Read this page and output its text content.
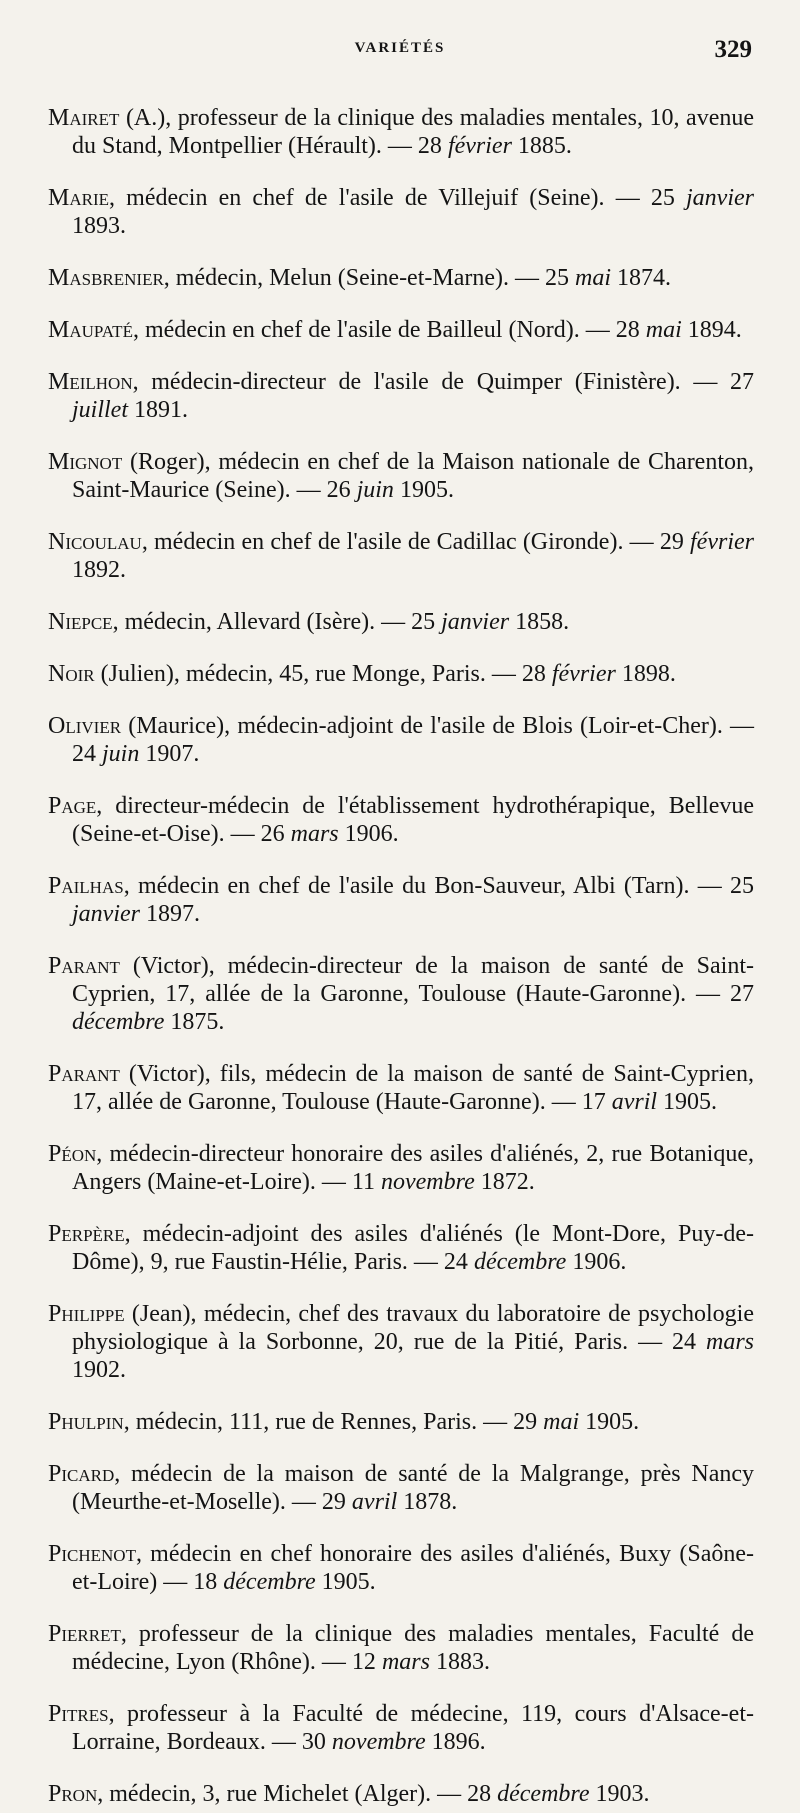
VARIÉTÉS	329

Mairet (A.), professeur de la clinique des maladies mentales, 10, avenue du Stand, Montpellier (Hérault). — 28 février 1885.

Marie, médecin en chef de l'asile de Villejuif (Seine). — 25 janvier 1893.

Masbrenier, médecin, Melun (Seine-et-Marne). — 25 mai 1874.

Maupaté, médecin en chef de l'asile de Bailleul (Nord). — 28 mai 1894.

Meilhon, médecin-directeur de l'asile de Quimper (Finistère). — 27 juillet 1891.

Mignot (Roger), médecin en chef de la Maison nationale de Charenton, Saint-Maurice (Seine). — 26 juin 1905.

Nicoulau, médecin en chef de l'asile de Cadillac (Gironde). — 29 février 1892.

Niepce, médecin, Allevard (Isère). — 25 janvier 1858.

Noir (Julien), médecin, 45, rue Monge, Paris. — 28 février 1898.

Olivier (Maurice), médecin-adjoint de l'asile de Blois (Loir-et-Cher). — 24 juin 1907.

Page, directeur-médecin de l'établissement hydrothérapique, Bellevue (Seine-et-Oise). — 26 mars 1906.

Pailhas, médecin en chef de l'asile du Bon-Sauveur, Albi (Tarn). — 25 janvier 1897.

Parant (Victor), médecin-directeur de la maison de santé de Saint-Cyprien, 17, allée de la Garonne, Toulouse (Haute-Garonne). — 27 décembre 1875.

Parant (Victor), fils, médecin de la maison de santé de Saint-Cyprien, 17, allée de Garonne, Toulouse (Haute-Garonne). — 17 avril 1905.

Péon, médecin-directeur honoraire des asiles d'aliénés, 2, rue Botanique, Angers (Maine-et-Loire). — 11 novembre 1872.

Perpère, médecin-adjoint des asiles d'aliénés (le Mont-Dore, Puy-de-Dôme), 9, rue Faustin-Hélie, Paris. — 24 décembre 1906.

Philippe (Jean), médecin, chef des travaux du laboratoire de psychologie physiologique à la Sorbonne, 20, rue de la Pitié, Paris. — 24 mars 1902.

Phulpin, médecin, 111, rue de Rennes, Paris. — 29 mai 1905.

Picard, médecin de la maison de santé de la Malgrange, près Nancy (Meurthe-et-Moselle). — 29 avril 1878.

Pichenot, médecin en chef honoraire des asiles d'aliénés, Buxy (Saône-et-Loire) — 18 décembre 1905.

Pierret, professeur de la clinique des maladies mentales, Faculté de médecine, Lyon (Rhône). — 12 mars 1883.

Pitres, professeur à la Faculté de médecine, 119, cours d'Alsace-et-Lorraine, Bordeaux. — 30 novembre 1896.

Pron, médecin, 3, rue Michelet (Alger). — 28 décembre 1903.
